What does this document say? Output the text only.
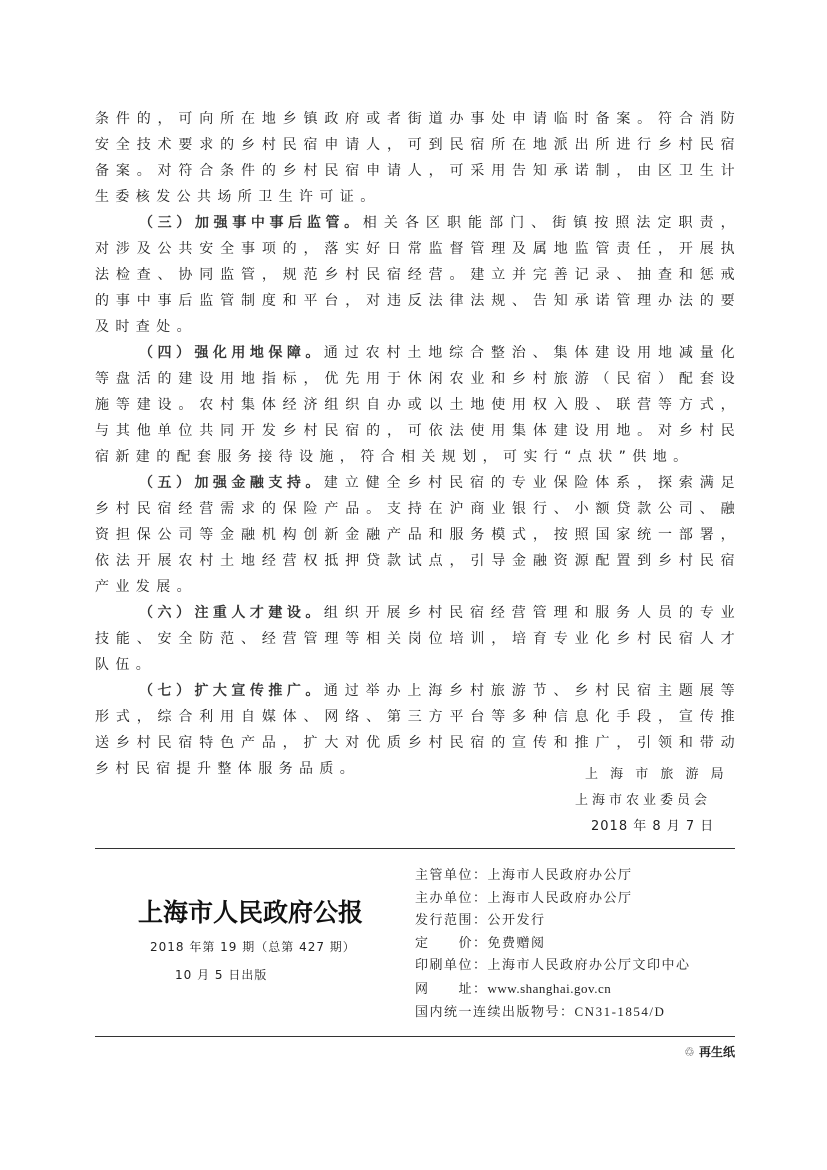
条件的，可向所在地乡镇政府或者街道办事处申请临时备案。符合消防安全技术要求的乡村民宿申请人，可到民宿所在地派出所进行乡村民宿备案。对符合条件的乡村民宿申请人，可采用告知承诺制，由区卫生计生委核发公共场所卫生许可证。

（三）加强事中事后监管。相关各区职能部门、街镇按照法定职责，对涉及公共安全事项的，落实好日常监督管理及属地监管责任，开展执法检查、协同监管，规范乡村民宿经营。建立并完善记录、抽查和惩戒的事中事后监管制度和平台，对违反法律法规、告知承诺管理办法的要及时查处。

（四）强化用地保障。通过农村土地综合整治、集体建设用地减量化等盘活的建设用地指标，优先用于休闲农业和乡村旅游（民宿）配套设施等建设。农村集体经济组织自办或以土地使用权入股、联营等方式，与其他单位共同开发乡村民宿的，可依法使用集体建设用地。对乡村民宿新建的配套服务接待设施，符合相关规划，可实行“点状”供地。

（五）加强金融支持。建立健全乡村民宿的专业保险体系，探索满足乡村民宿经营需求的保险产品。支持在沪商业银行、小额贷款公司、融资担保公司等金融机构创新金融产品和服务模式，按照国家统一部署，依法开展农村土地经营权抵押贷款试点，引导金融资源配置到乡村民宿产业发展。

（六）注重人才建设。组织开展乡村民宿经营管理和服务人员的专业技能、安全防范、经营管理等相关岗位培训，培育专业化乡村民宿人才队伍。

（七）扩大宣传推广。通过举办上海乡村旅游节、乡村民宿主题展等形式，综合利用自媒体、网络、第三方平台等多种信息化手段，宣传推送乡村民宿特色产品，扩大对优质乡村民宿的宣传和推广，引领和带动乡村民宿提升整体服务品质。	上 海 市 旅 游 局
上海市农业委员会
2018 年 8 月 7 日
上海市人民政府公报
2018 年第 19 期（总第 427 期）
10 月 5 日出版
主管单位：上海市人民政府办公厅
主办单位：上海市人民政府办公厅
发行范围：公开发行
定　　价：免费赠阅
印刷单位：上海市人民政府办公厅文印中心
网　　址：www.shanghai.gov.cn
国内统一连续出版物号：CN31-1854/D
♲ 再生纸
